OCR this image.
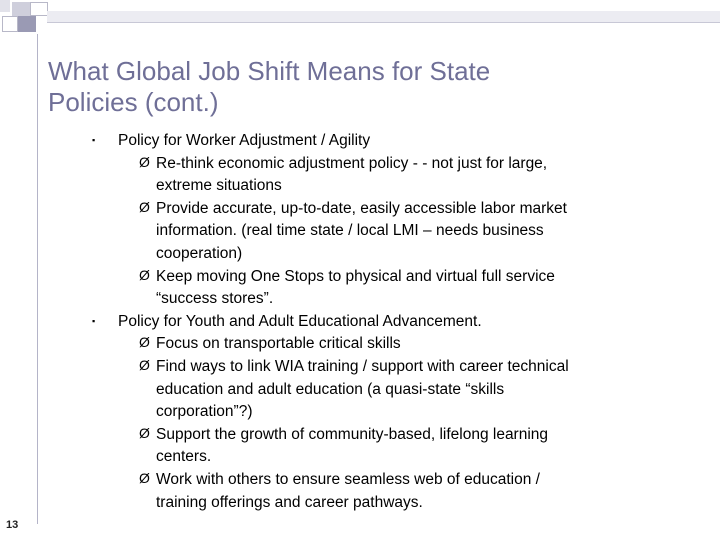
What Global Job Shift Means for State
Policies (cont.)
▪ Policy for Worker Adjustment / Agility
Ø Re-think economic adjustment policy - - not just for large,
extreme situations
Ø Provide accurate, up-to-date, easily accessible labor market
information. (real time state / local LMI – needs business
cooperation)
Ø Keep moving One Stops to physical and virtual full service
“success stores”.
▪ Policy for Youth and Adult Educational Advancement.
Ø Focus on transportable critical skills
Ø Find ways to link WIA training / support with career technical
education and adult education (a quasi-state “skills
corporation”?)
Ø Support the growth of community-based, lifelong learning
centers.
Ø Work with others to ensure seamless web of education /
training offerings and career pathways.
13
